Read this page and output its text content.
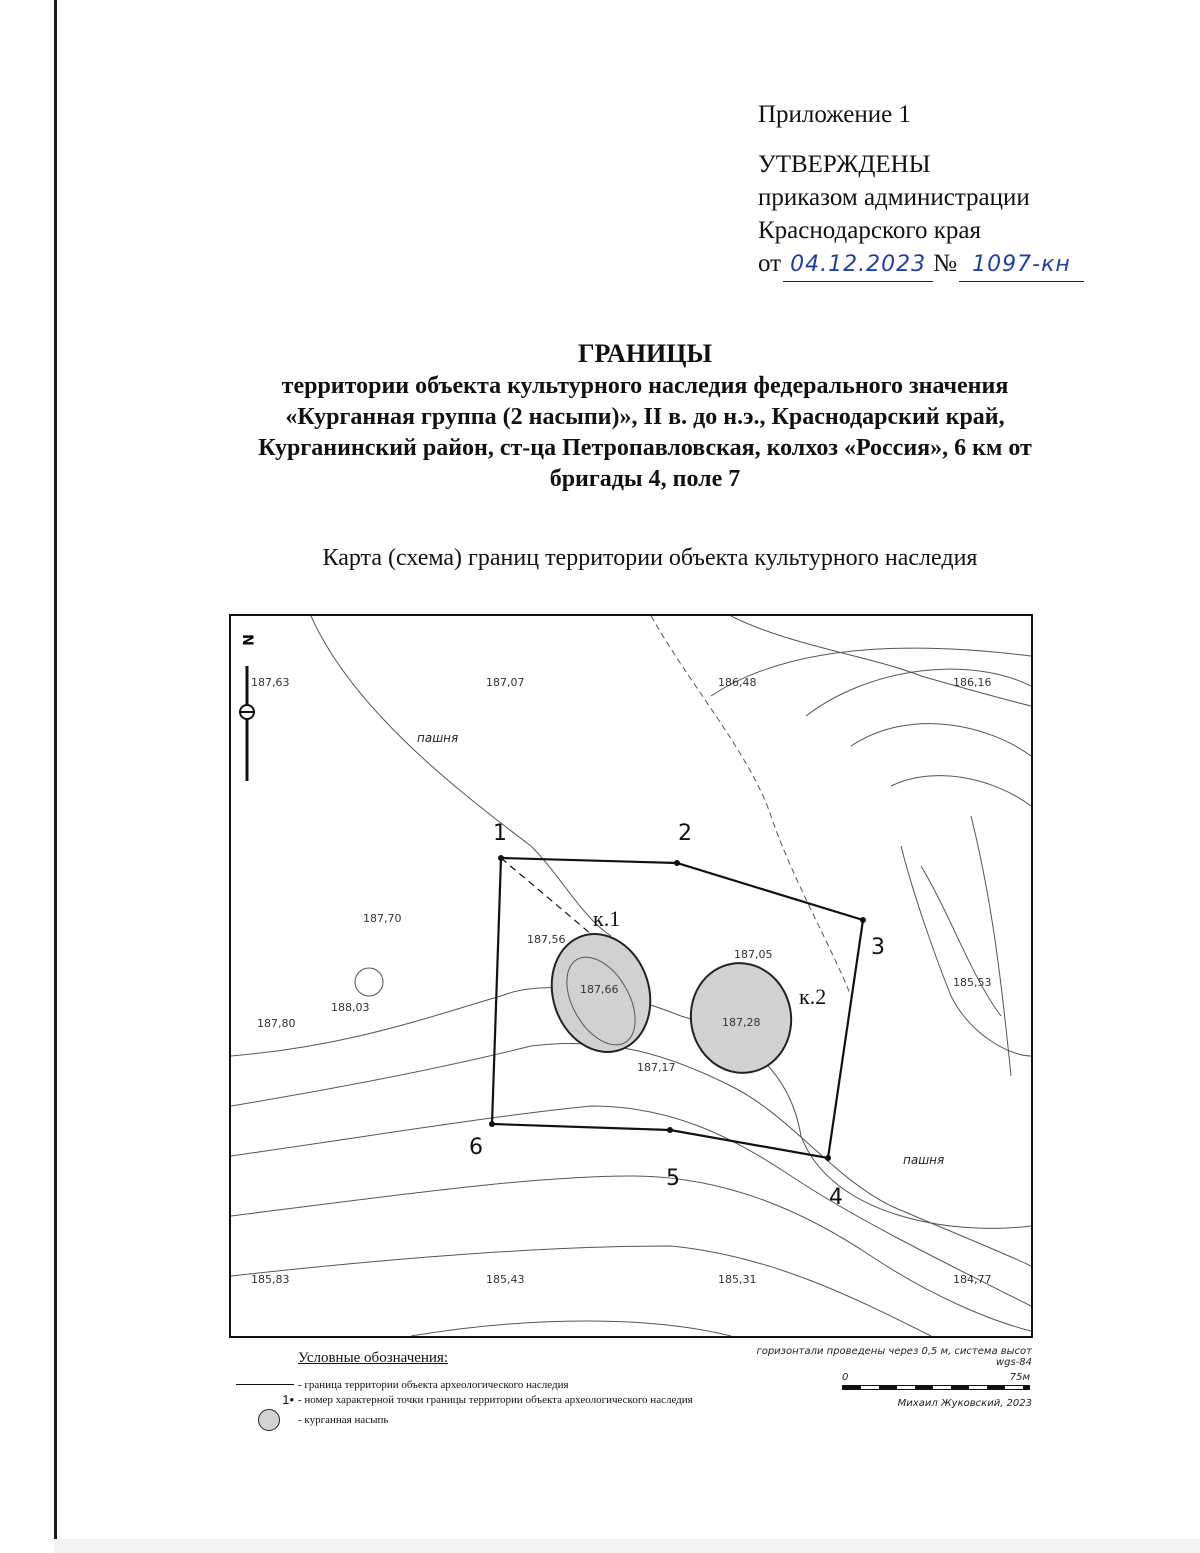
Приложение 1
УТВЕРЖДЕНЫ
приказом администрации
Краснодарского края
от 04.12.2023 № 1097-кн
ГРАНИЦЫ
территории объекта культурного наследия федерального значения
«Курганная группа (2 насыпи)», II в. до н.э., Краснодарский край,
Курганинский район, ст-ца Петропавловская, колхоз «Россия», 6 км от
бригады 4, поле 7
Карта (схема) границ территории объекта культурного наследия
N
1	2
3
4
5
6
к.1
к.2
187,63	187,07	186,48	186,16
187,70
187,56
187,05
185,53
188,03
187,80
187,66
187,28
187,17
185,83	185,43	185,31	184,77
пашня
пашня
Условные обозначения:
- граница территории объекта археологического наследия
1• - номер характерной точки границы территории объекта археологического наследия
- курганная насыпь
горизонтали проведены через 0,5 м, система высот wgs-84
0	75м
Михаил Жуковский, 2023
